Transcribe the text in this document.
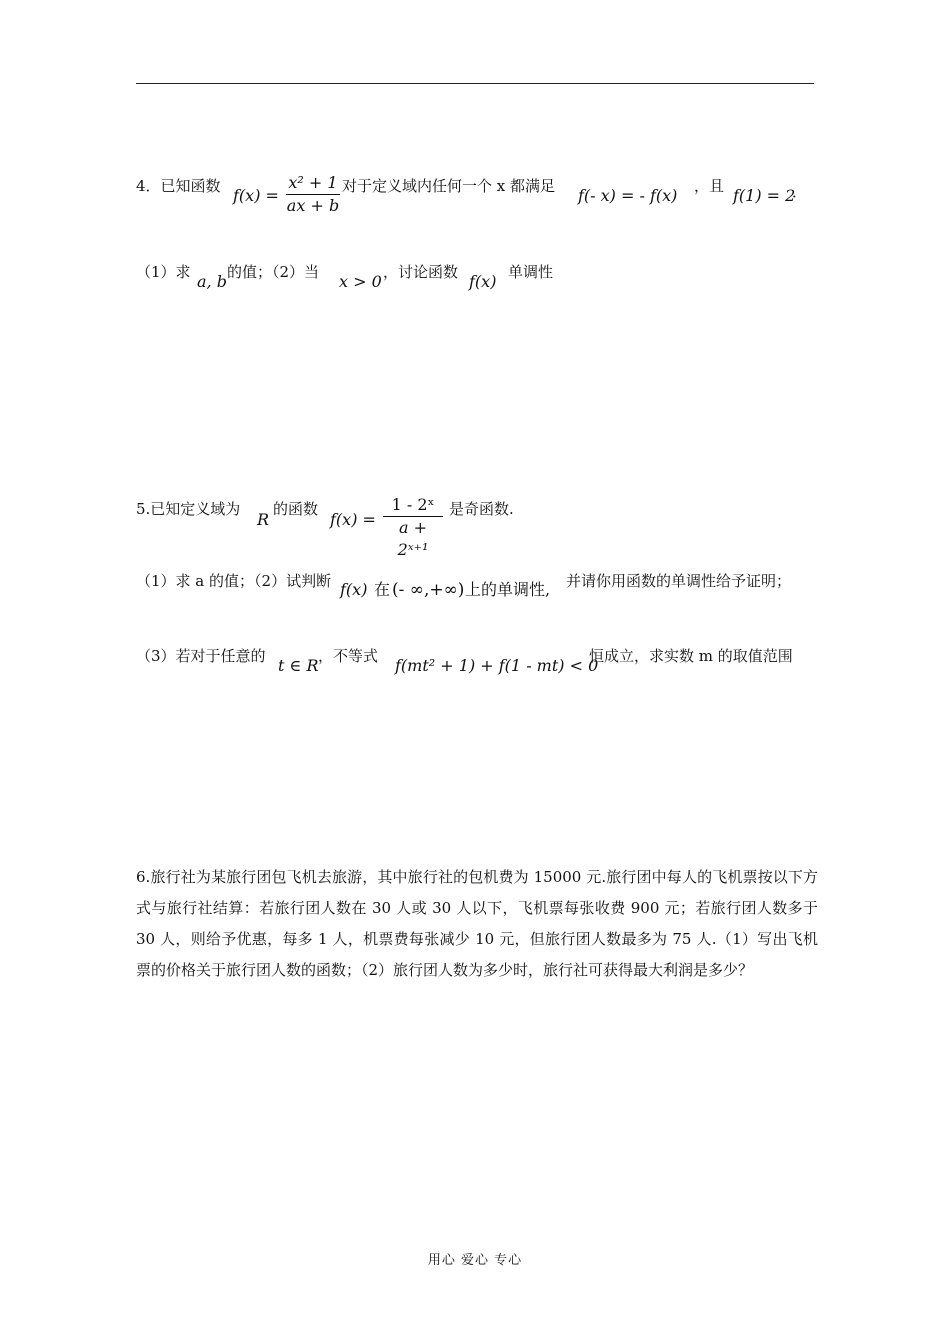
4．已知函数 f(x) =
x² + 1
ax + b
对于定义域内任何一个 x 都满足 f(- x) = - f(x) ，且 f(1) = 2
．
（1）求 a, b 的值；（2）当 x > 0 ，讨论函数 f(x) 单调性
5.已知定义域为
R
的函数
f(x) =
1 - 2ˣ
a + 2ˣ⁺¹
是奇函数.
（1）求 a 的值；（2）试判断 f(x) 在 (- ∞,+∞) 上的单调性, 并请你用函数的单调性给予证明；
（3）若对于任意的 t ∈ R ，不等式 f(mt² + 1) + f(1 - mt) < 0
恒成立，求实数 m 的取值范围
6.旅行社为某旅行团包飞机去旅游，其中旅行社的包机费为 15000 元.旅行团中每人的飞机票按以下方式与旅行社结算：若旅行团人数在 30 人或 30 人以下，飞机票每张收费 900 元；若旅行团人数多于 30 人，则给予优惠，每多 1 人，机票费每张减少 10 元，但旅行团人数最多为 75 人.（1）写出飞机票的价格关于旅行团人数的函数；（2）旅行团人数为多少时，旅行社可获得最大利润是多少？
用心 爱心 专心
